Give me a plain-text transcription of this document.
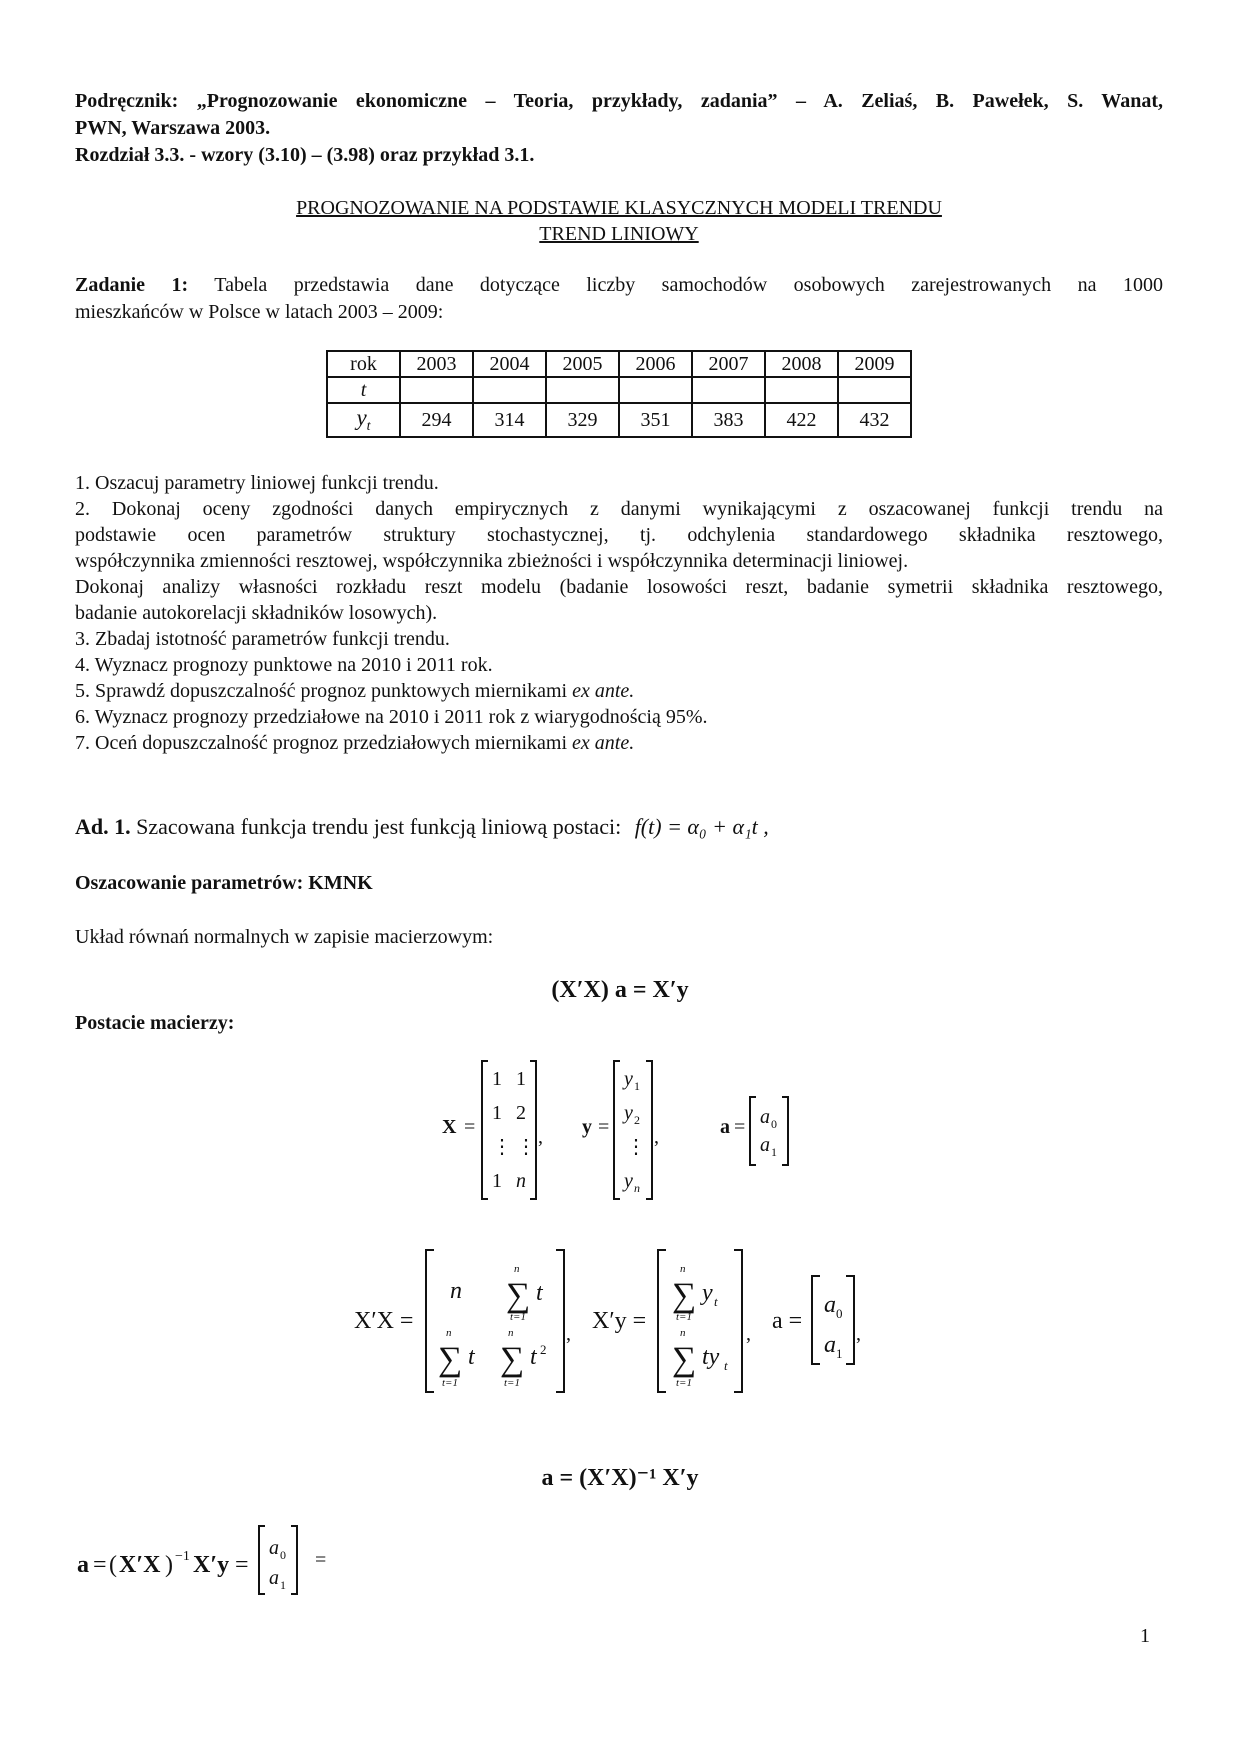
Podręcznik: „Prognozowanie ekonomiczne – Teoria, przykłady, zadania” – A. Zeliaś, B. Pawełek, S. Wanat,
PWN, Warszawa 2003.
Rozdział 3.3. - wzory (3.10) – (3.98) oraz przykład 3.1.
PROGNOZOWANIE NA PODSTAWIE KLASYCZNYCH MODELI TRENDU
TREND LINIOWY
Zadanie 1: Tabela przedstawia dane dotyczące liczby samochodów osobowych zarejestrowanych na 1000
mieszkańców w Polsce w latach 2003 – 2009:
rok	2003	2004	2005	2006	2007	2008	2009
t							
$y_t$	294	314	329	351	383	422	432
1. Oszacuj parametry liniowej funkcji trendu.
2. Dokonaj oceny zgodności danych empirycznych z danymi wynikającymi z oszacowanej funkcji trendu na
podstawie ocen parametrów struktury stochastycznej, tj. odchylenia standardowego składnika resztowego,
współczynnika zmienności resztowej, współczynnika zbieżności i współczynnika determinacji liniowej.
Dokonaj analizy własności rozkładu reszt modelu (badanie losowości reszt, badanie symetrii składnika resztowego,
badanie autokorelacji składników losowych).
3. Zbadaj istotność parametrów funkcji trendu.
4. Wyznacz prognozy punktowe na 2010 i 2011 rok.
5. Sprawdź dopuszczalność prognoz punktowych miernikami ex ante.
6. Wyznacz prognozy przedziałowe na 2010 i 2011 rok z wiarygodnością 95%.
7. Oceń dopuszczalność prognoz przedziałowych miernikami ex ante.
Ad. 1. Szacowana funkcja trendu jest funkcją liniową postaci: f(t) = α₀ + α₁t ,
Oszacowanie parametrów: KMNK
Układ równań normalnych w zapisie macierzowym:
(X′X) a = X′y
Postacie macierzy:
X =
1 1
1 2
⋮ ⋮
1 n
, y =
y 1
y 2
⋮
y n
,	a = a 0
a 1
X′X =
n ∑
n
t=1
t
∑
n
t=1
t ∑
n
t=1
t 2
, X′y =
∑
n
t=1
y t
∑
n
t=1
ty t
, a =
a 0
a 1
,
a = (X′X)⁻¹ X′y
a = ( X′X ) −1 X′y =
a 0
a 1
=
1
